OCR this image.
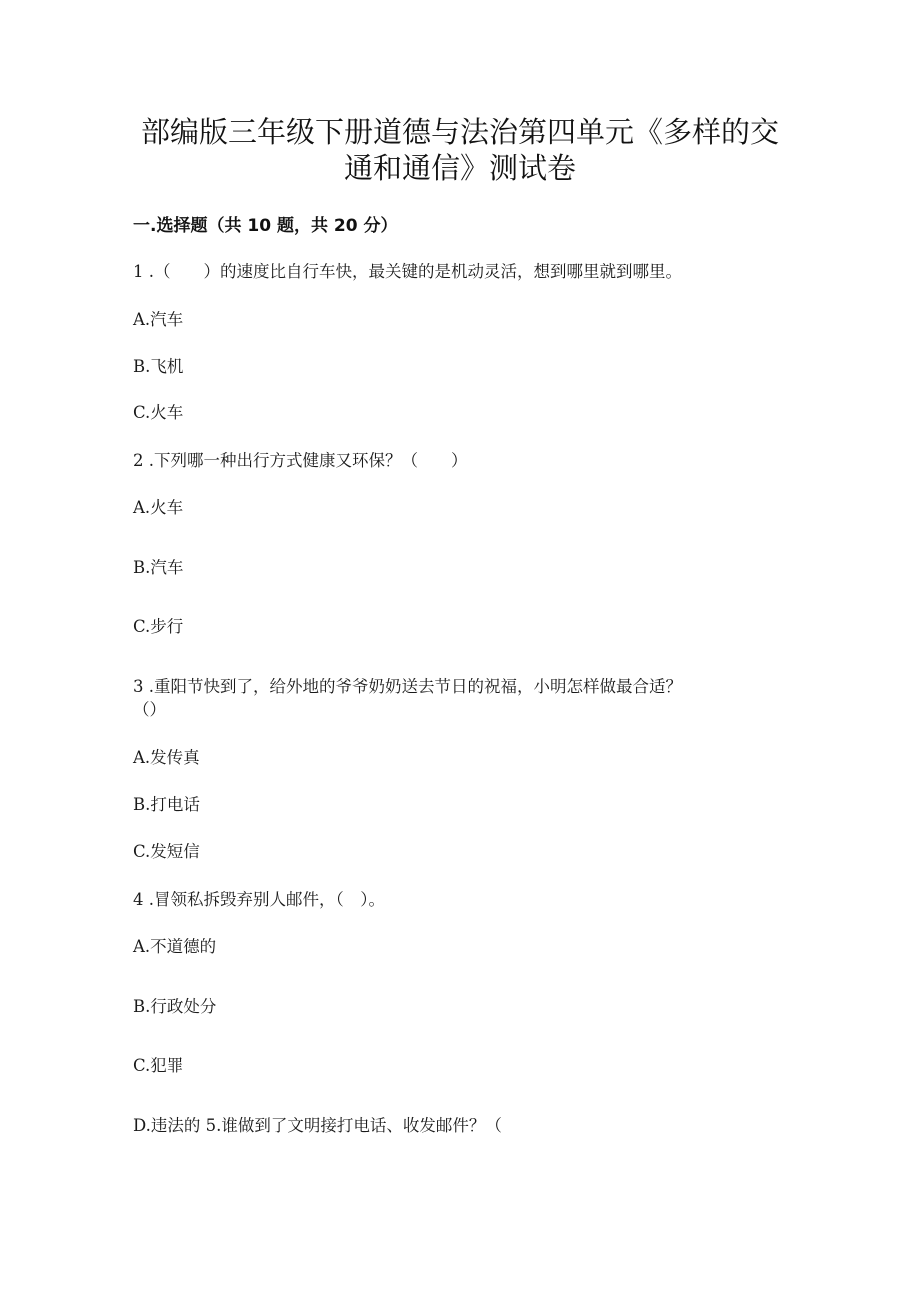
部编版三年级下册道德与法治第四单元《多样的交
通和通信》测试卷
一.选择题（共 10 题，共 20 分）
1 .（　　）的速度比自行车快，最关键的是机动灵活，想到哪里就到哪里。
A.汽车
B.飞机
C.火车
2 .下列哪一种出行方式健康又环保？（　　）
A.火车
B.汽车
C.步行
3 .重阳节快到了，给外地的爷爷奶奶送去节日的祝福，小明怎样做最合适？
（）
A.发传真
B.打电话
C.发短信
4 .冒领私拆毁弃别人邮件，（　）。
A.不道德的
B.行政处分
C.犯罪
D.违法的 5.谁做到了文明接打电话、收发邮件？（
